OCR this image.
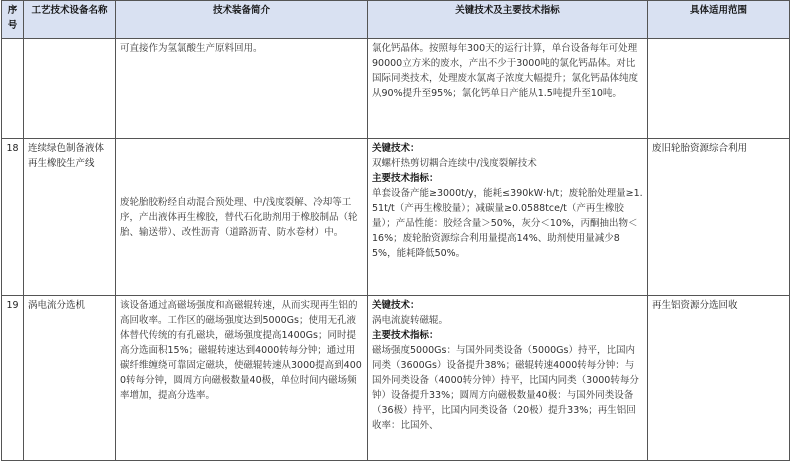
序号	工艺技术设备名称	技术装备简介	关键技术及主要技术指标	具体适用范围
		可直接作为氢氯酸生产原料回用。	氯化钙晶体。按照每年300天的运行计算，单台设备每年可处理90000立方米的废水，产出不少于3000吨的氯化钙晶体。对比国际同类技术，处理废水氯离子浓度大幅提升；氯化钙晶体纯度从90%提升至95%；氯化钙单日产能从1.5吨提升至10吨。	

18	连续绿色制备液体再生橡胶生产线	废轮胎胶粉经自动混合预处理、中/浅度裂解、冷却等工序，产出液体再生橡胶，替代石化助剂用于橡胶制品（轮胎、输送带）、改性沥青（道路沥青、防水卷材）中。	关键技术：
双螺杆热剪切耦合连续中/浅度裂解技术
主要技术指标：
单套设备产能≥3000t/y，能耗≤390kW·h/t；废轮胎处理量≥1.51t/t（产再生橡胶量）；减碳量≥0.0588tce/t（产再生橡胶量）；产品性能：胶烃含量＞50%，灰分＜10%，丙酮抽出物＜16%；废轮胎资源综合利用量提高14%、助剂使用量减少85%，能耗降低50%。	废旧轮胎资源综合利用
19	涡电流分选机	该设备通过高磁场强度和高磁辊转速，从而实现再生铝的高回收率。工作区的磁场强度达到5000Gs；使用无孔液体替代传统的有孔磁块，磁场强度提高1400Gs；同时提高分选面积15%；磁辊转速达到4000转每分钟；通过用碳纤维缠绕可靠固定磁块，使磁辊转速从3000提高到4000转每分钟，圆周方向磁极数量40极，单位时间内磁场频率增加，提高分选率。	关键技术：
涡电流旋转磁辊。
主要技术指标：
磁场强度5000Gs：与国外同类设备（5000Gs）持平，比国内同类（3600Gs）设备提升38%；磁辊转速4000转每分钟：与国外同类设备（4000转分钟）持平，比国内同类（3000转每分钟）设备提升33%；圆周方向磁极数量40极：与国外同类设备（36极）持平，比国内同类设备（20极）提升33%；再生铝回收率：比国外、	再生铝资源分选回收
